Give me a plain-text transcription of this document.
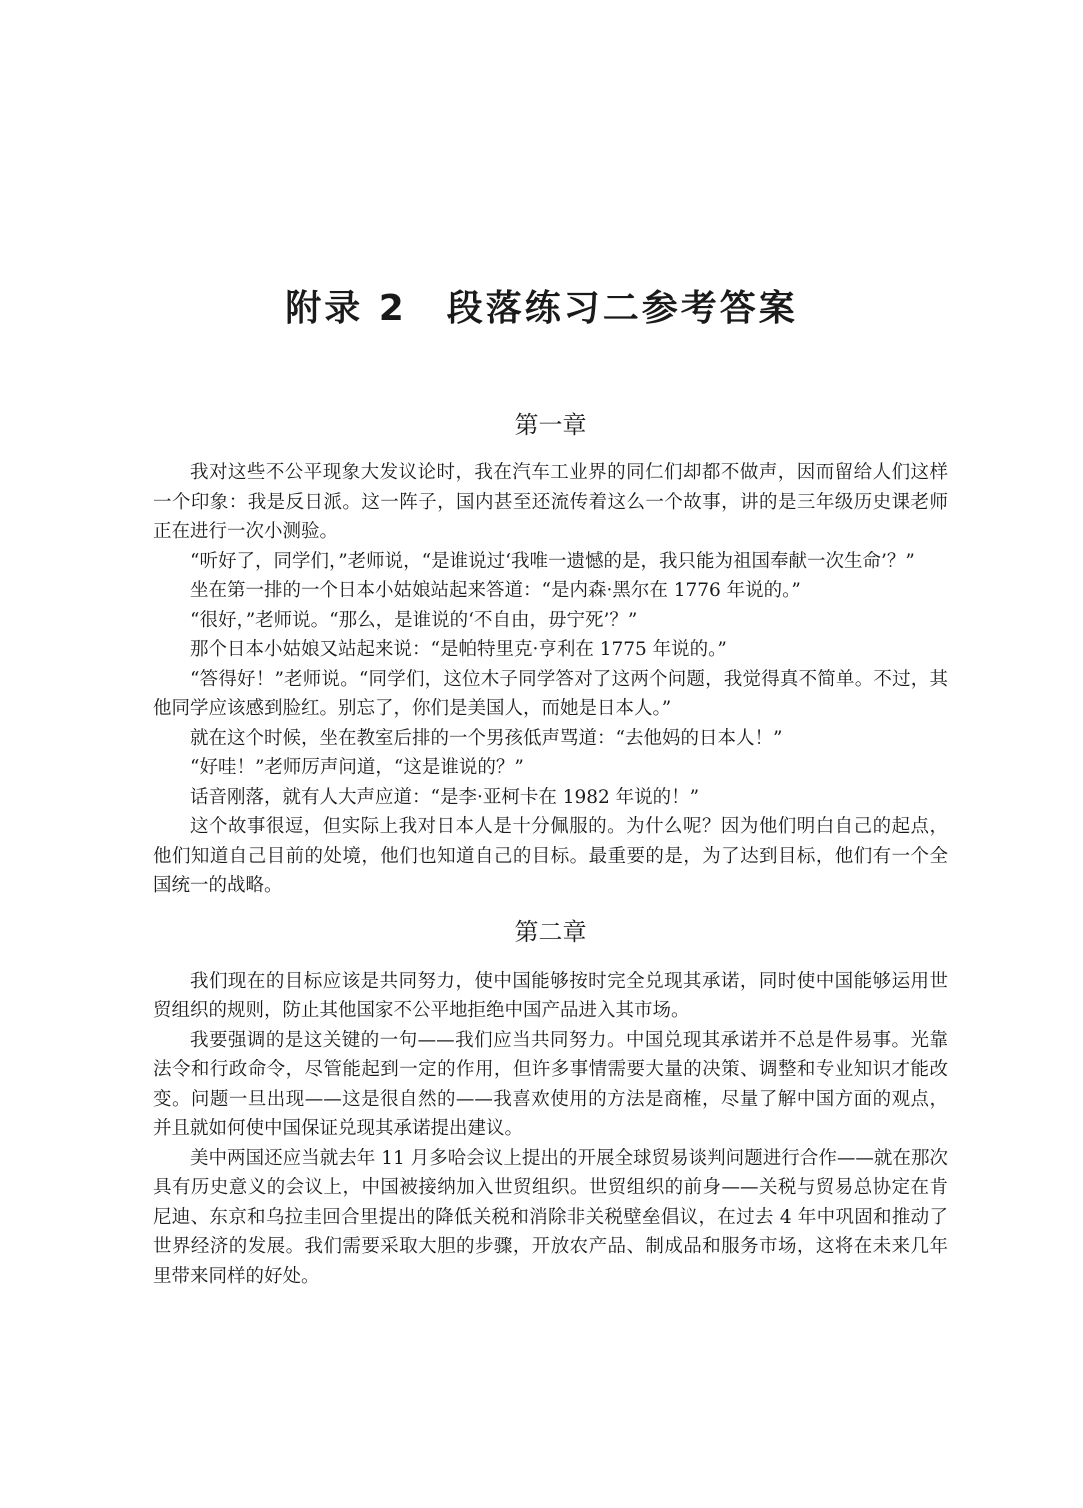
附录 2 段落练习二参考答案
第一章

我对这些不公平现象大发议论时，我在汽车工业界的同仁们却都不做声，因而留给人们这样一个印象：我是反日派。这一阵子，国内甚至还流传着这么一个故事，讲的是三年级历史课老师正在进行一次小测验。

“听好了，同学们，”老师说，“是谁说过‘我唯一遗憾的是，我只能为祖国奉献一次生命’？”

坐在第一排的一个日本小姑娘站起来答道：“是内森·黑尔在 1776 年说的。”

“很好，”老师说。“那么，是谁说的‘不自由，毋宁死’？”

那个日本小姑娘又站起来说：“是帕特里克·亨利在 1775 年说的。”

“答得好！”老师说。“同学们，这位木子同学答对了这两个问题，我觉得真不简单。不过，其他同学应该感到脸红。别忘了，你们是美国人，而她是日本人。”

就在这个时候，坐在教室后排的一个男孩低声骂道：“去他妈的日本人！”

“好哇！”老师厉声问道，“这是谁说的？”

话音刚落，就有人大声应道：“是李·亚柯卡在 1982 年说的！”

这个故事很逗，但实际上我对日本人是十分佩服的。为什么呢？因为他们明白自己的起点，他们知道自己目前的处境，他们也知道自己的目标。最重要的是，为了达到目标，他们有一个全国统一的战略。

第二章

我们现在的目标应该是共同努力，使中国能够按时完全兑现其承诺，同时使中国能够运用世贸组织的规则，防止其他国家不公平地拒绝中国产品进入其市场。

我要强调的是这关键的一句——我们应当共同努力。中国兑现其承诺并不总是件易事。光靠法令和行政命令，尽管能起到一定的作用，但许多事情需要大量的决策、调整和专业知识才能改变。问题一旦出现——这是很自然的——我喜欢使用的方法是商榷，尽量了解中国方面的观点，并且就如何使中国保证兑现其承诺提出建议。

美中两国还应当就去年 11 月多哈会议上提出的开展全球贸易谈判问题进行合作——就在那次具有历史意义的会议上，中国被接纳加入世贸组织。世贸组织的前身——关税与贸易总协定在肯尼迪、东京和乌拉圭回合里提出的降低关税和消除非关税壁垒倡议，在过去 4 年中巩固和推动了世界经济的发展。我们需要采取大胆的步骤，开放农产品、制成品和服务市场，这将在未来几年里带来同样的好处。
